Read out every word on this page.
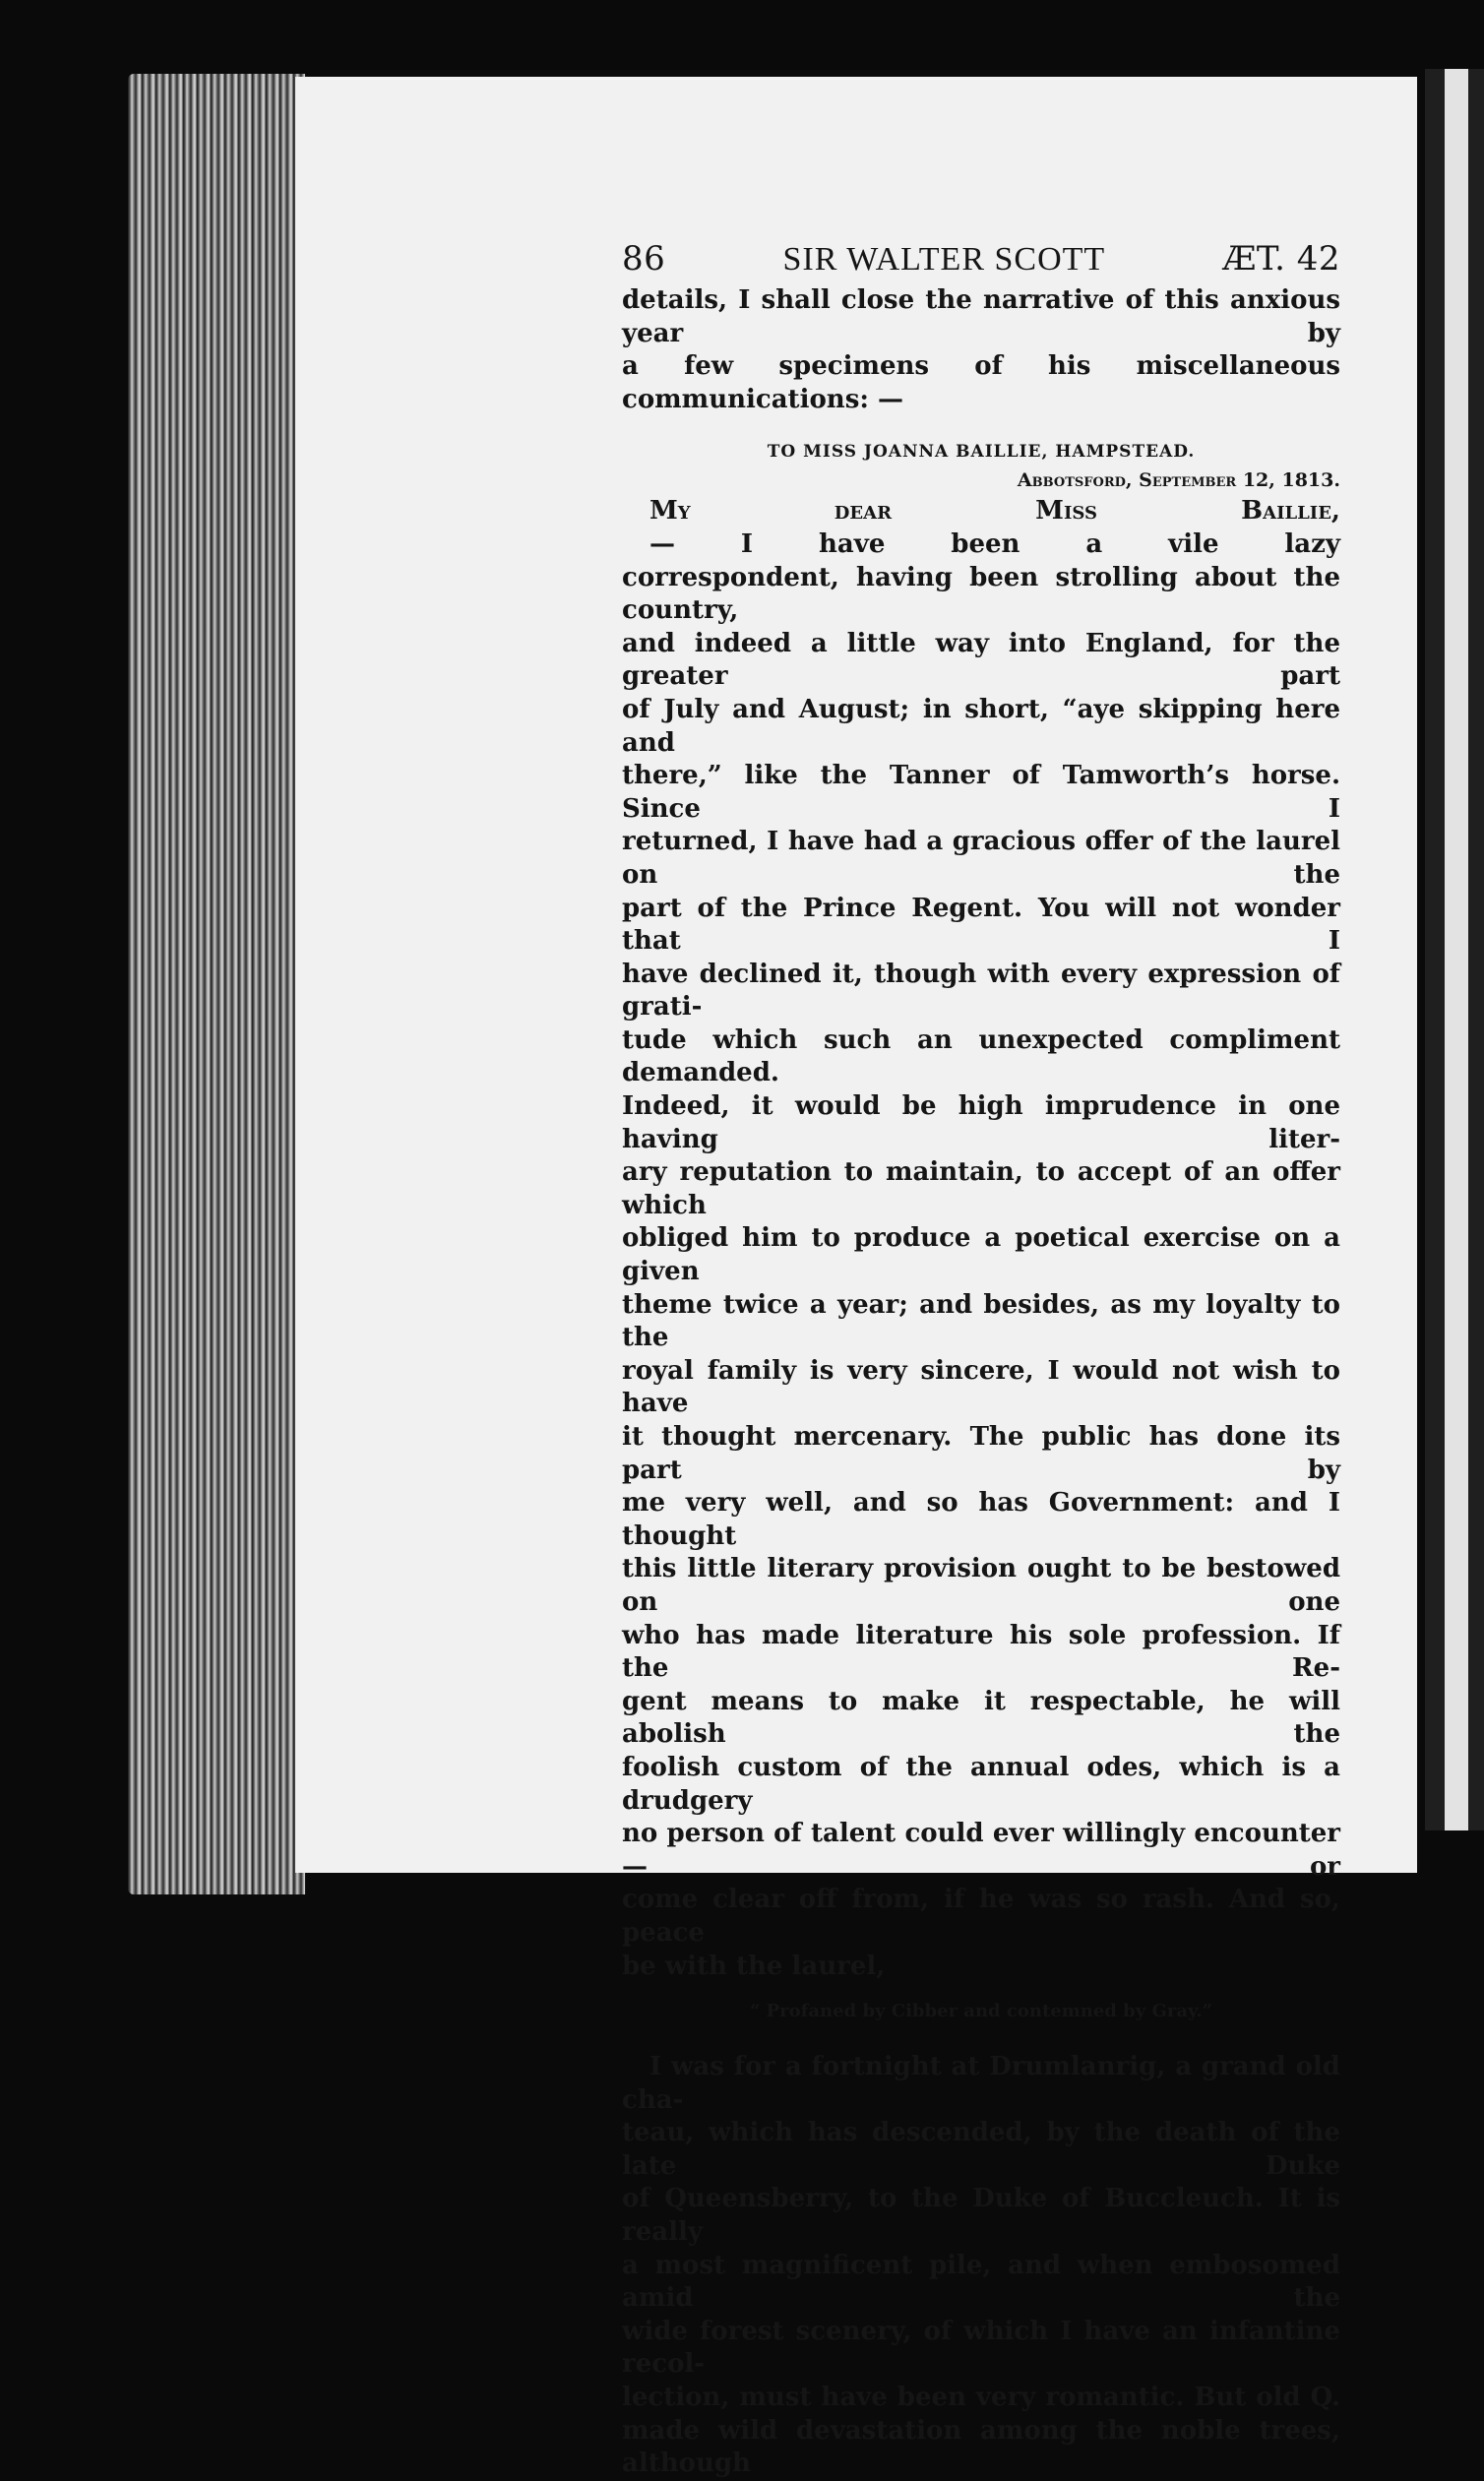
86	SIR WALTER SCOTT	ÆT. 42
details, I shall close the narrative of this anxious year by
a few specimens of his miscellaneous communications: —
TO MISS JOANNA BAILLIE, HAMPSTEAD.
Abbotsford, September 12, 1813.
My dear Miss Baillie,
— I have been a vile lazy
correspondent, having been strolling about the country,
and indeed a little way into England, for the greater part
of July and August; in short, “aye skipping here and
there,” like the Tanner of Tamworth’s horse. Since I
returned, I have had a gracious offer of the laurel on the
part of the Prince Regent. You will not wonder that I
have declined it, though with every expression of grati-
tude which such an unexpected compliment demanded.
Indeed, it would be high imprudence in one having liter-
ary reputation to maintain, to accept of an offer which
obliged him to produce a poetical exercise on a given
theme twice a year; and besides, as my loyalty to the
royal family is very sincere, I would not wish to have
it thought mercenary. The public has done its part by
me very well, and so has Government: and I thought
this little literary provision ought to be bestowed on one
who has made literature his sole profession. If the Re-
gent means to make it respectable, he will abolish the
foolish custom of the annual odes, which is a drudgery
no person of talent could ever willingly encounter — or
come clear off from, if he was so rash. And so, peace
be with the laurel,
“ Profaned by Cibber and contemned by Gray.”
I was for a fortnight at Drumlanrig, a grand old cha-
teau, which has descended, by the death of the late Duke
of Queensberry, to the Duke of Buccleuch. It is really
a most magnificent pile, and when embosomed amid the
wide forest scenery, of which I have an infantine recol-
lection, must have been very romantic. But old Q.
made wild devastation among the noble trees, although
